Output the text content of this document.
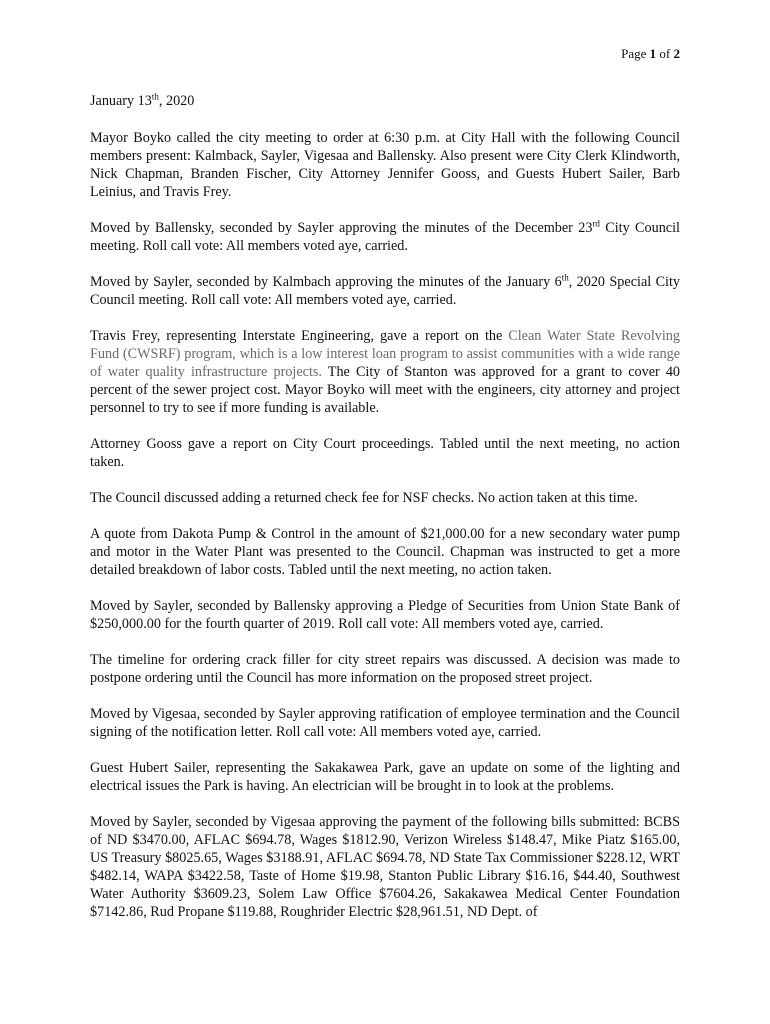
Page 1 of 2

January 13th, 2020

Mayor Boyko called the city meeting to order at 6:30 p.m. at City Hall with the following Council members present: Kalmback, Sayler, Vigesaa and Ballensky. Also present were City Clerk Klindworth, Nick Chapman, Branden Fischer, City Attorney Jennifer Gooss, and Guests Hubert Sailer, Barb Leinius, and Travis Frey.

Moved by Ballensky, seconded by Sayler approving the minutes of the December 23rd City Council meeting. Roll call vote: All members voted aye, carried.

Moved by Sayler, seconded by Kalmbach approving the minutes of the January 6th, 2020 Special City Council meeting. Roll call vote: All members voted aye, carried.

Travis Frey, representing Interstate Engineering, gave a report on the Clean Water State Revolving Fund (CWSRF) program, which is a low interest loan program to assist communities with a wide range of water quality infrastructure projects. The City of Stanton was approved for a grant to cover 40 percent of the sewer project cost. Mayor Boyko will meet with the engineers, city attorney and project personnel to try to see if more funding is available.

Attorney Gooss gave a report on City Court proceedings. Tabled until the next meeting, no action taken.

The Council discussed adding a returned check fee for NSF checks. No action taken at this time.

A quote from Dakota Pump & Control in the amount of $21,000.00 for a new secondary water pump and motor in the Water Plant was presented to the Council. Chapman was instructed to get a more detailed breakdown of labor costs. Tabled until the next meeting, no action taken.

Moved by Sayler, seconded by Ballensky approving a Pledge of Securities from Union State Bank of $250,000.00 for the fourth quarter of 2019. Roll call vote: All members voted aye, carried.

The timeline for ordering crack filler for city street repairs was discussed. A decision was made to postpone ordering until the Council has more information on the proposed street project.

Moved by Vigesaa, seconded by Sayler approving ratification of employee termination and the Council signing of the notification letter. Roll call vote: All members voted aye, carried.

Guest Hubert Sailer, representing the Sakakawea Park, gave an update on some of the lighting and electrical issues the Park is having. An electrician will be brought in to look at the problems.

Moved by Sayler, seconded by Vigesaa approving the payment of the following bills submitted: BCBS of ND $3470.00, AFLAC $694.78, Wages $1812.90, Verizon Wireless $148.47, Mike Piatz $165.00, US Treasury $8025.65, Wages $3188.91, AFLAC $694.78, ND State Tax Commissioner $228.12, WRT $482.14, WAPA $3422.58, Taste of Home $19.98, Stanton Public Library $16.16, $44.40, Southwest Water Authority $3609.23, Solem Law Office $7604.26, Sakakawea Medical Center Foundation $7142.86, Rud Propane $119.88, Roughrider Electric $28,961.51, ND Dept. of
